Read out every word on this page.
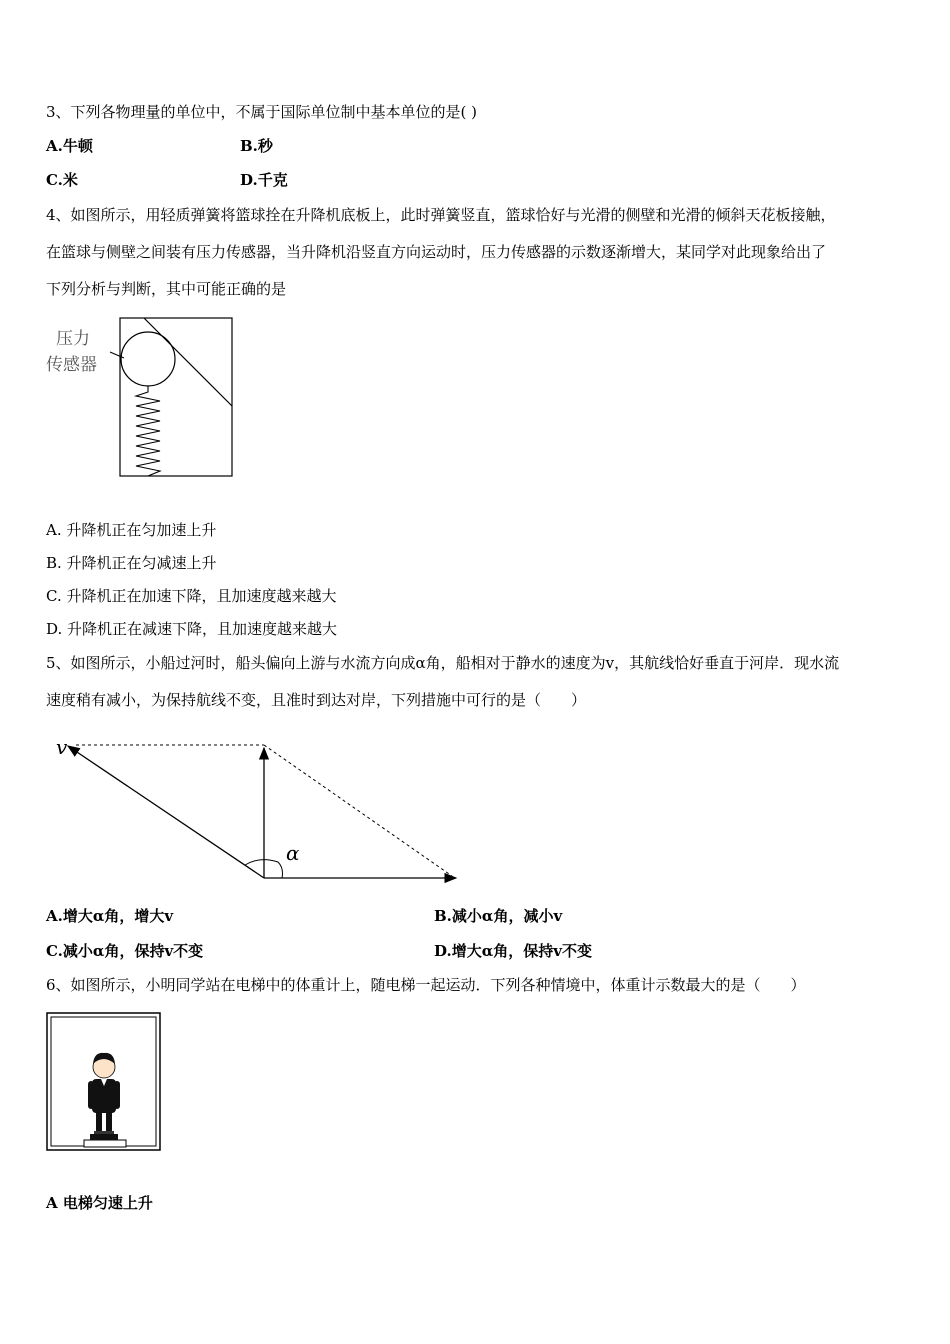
3、下列各物理量的单位中，不属于国际单位制中基本单位的是( )
A.牛顿	B.秒
C.米	D.千克
4、如图所示，用轻质弹簧将篮球拴在升降机底板上，此时弹簧竖直，篮球恰好与光滑的侧壁和光滑的倾斜天花板接触，
在篮球与侧壁之间装有压力传感器，当升降机沿竖直方向运动时，压力传感器的示数逐渐增大，某同学对此现象给出了
下列分析与判断，其中可能正确的是
压力
传感器
A. 升降机正在匀加速上升
B. 升降机正在匀减速上升
C. 升降机正在加速下降，且加速度越来越大
D. 升降机正在减速下降，且加速度越来越大
5、如图所示，小船过河时，船头偏向上游与水流方向成α角，船相对于静水的速度为v，其航线恰好垂直于河岸．现水流
速度稍有减小，为保持航线不变，且准时到达对岸，下列措施中可行的是（　　）
v
α
A.增大α角，增大v	B.减小α角，减小v
C.减小α角，保持v不变	D.增大α角，保持v不变
6、如图所示，小明同学站在电梯中的体重计上，随电梯一起运动．下列各种情境中，体重计示数最大的是（　　）
A 电梯匀速上升
